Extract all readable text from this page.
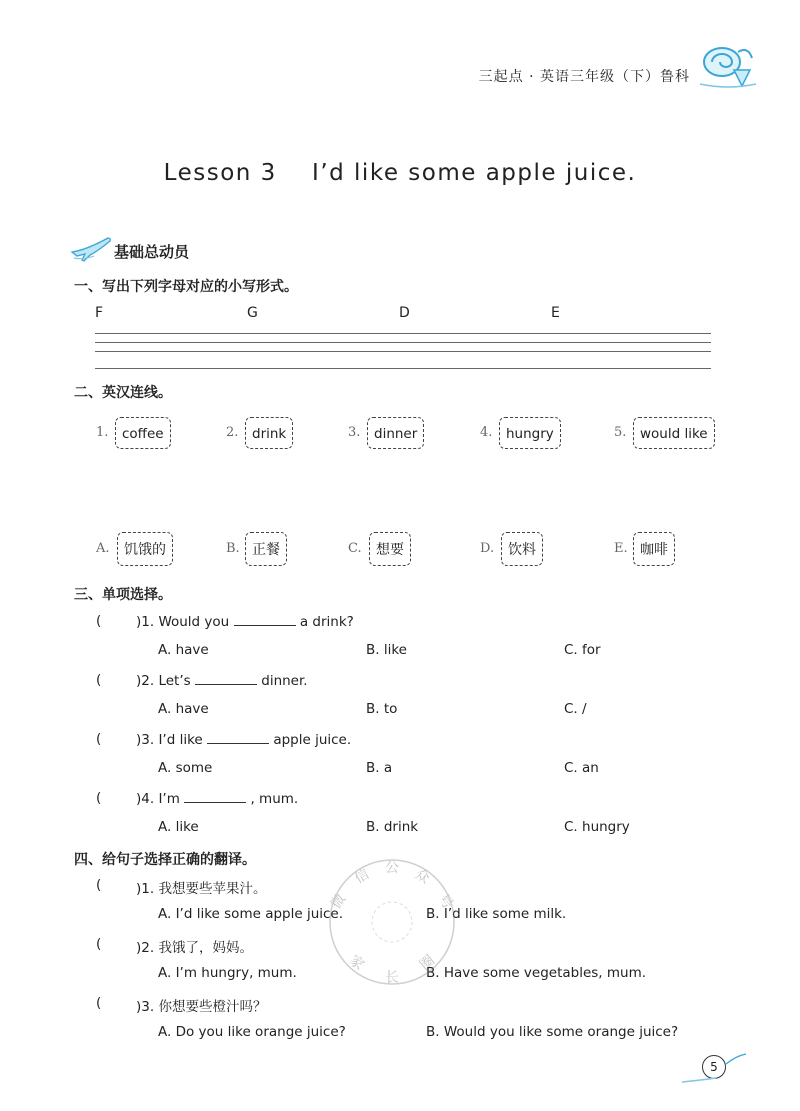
三起点 · 英语三年级（下）鲁科
Lesson 3    I’d like some apple juice.
基础总动员
一、写出下列字母对应的小写形式。
F	G	D	E
二、英汉连线。
1.	coffee	2.	drink	3.	dinner	4.	hungry	5.	would like
A.	饥饿的	B. 正餐	C.	想要	D. 饮料	E. 咖啡
三、单项选择。
(	)1. Would you	a drink?
A. have	B. like	C. for
(	)2. Let’s	dinner.
A. have	B. to	C. /
(	)3. I’d like	apple juice.
A. some	B. a	C. an
(	)4. I’m	, mum.
A. like	B. drink	C. hungry
四、给句子选择正确的翻译。
(	)1. 我想要些苹果汁。
A. I’d like some apple juice.	B. I’d like some milk.
(	)2. 我饿了，妈妈。
A. I’m hungry, mum.	B. Have some vegetables, mum.
(	)3. 你想要些橙汁吗？
A. Do you like orange juice?	B. Would you like some orange juice?
微
信 公 众
号
家
长
圈
5
